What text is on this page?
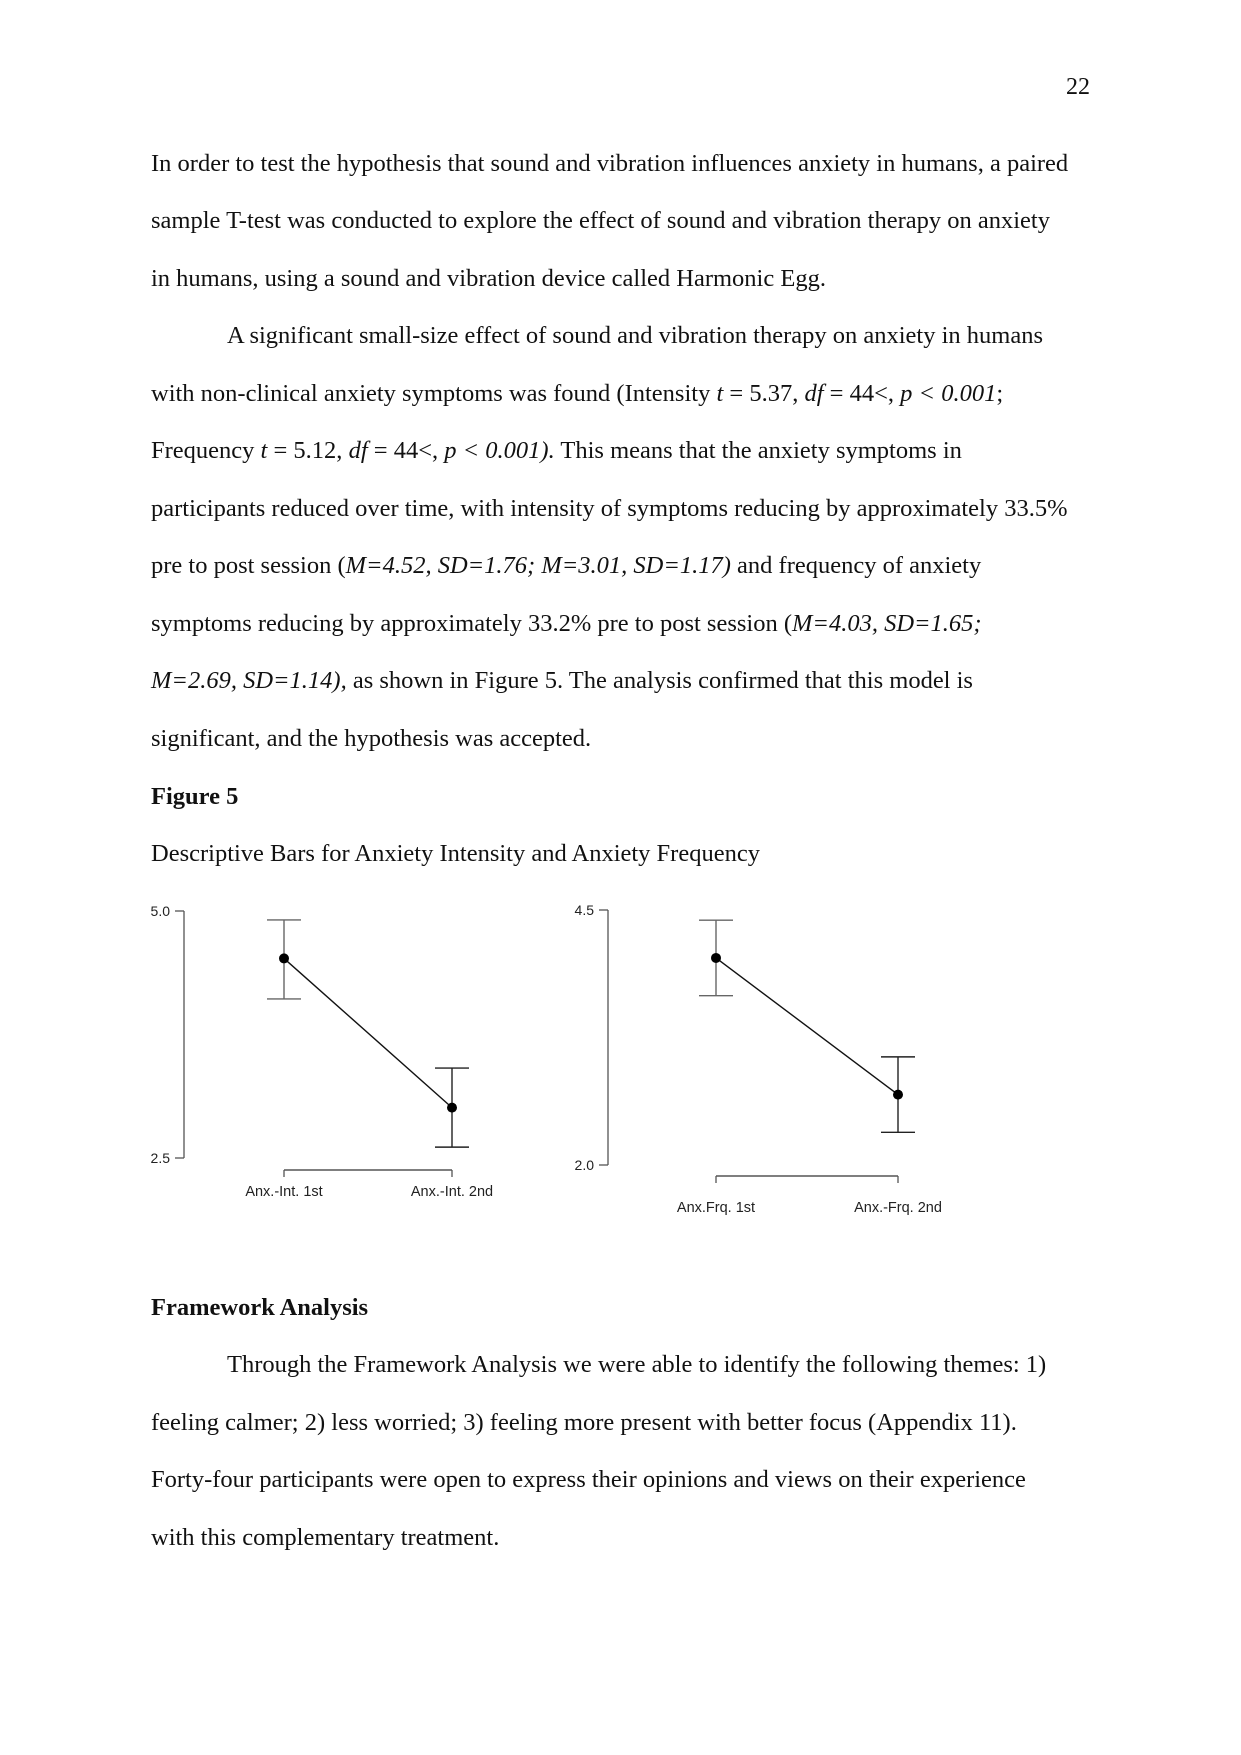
22
In order to test the hypothesis that sound and vibration influences anxiety in humans, a paired
sample T-test was conducted to explore the effect of sound and vibration therapy on anxiety
in humans, using a sound and vibration device called Harmonic Egg.
A significant small-size effect of sound and vibration therapy on anxiety in humans
with non-clinical anxiety symptoms was found (Intensity t = 5.37, df = 44<, p < 0.001;
Frequency t = 5.12, df = 44<, p < 0.001). This means that the anxiety symptoms in
participants reduced over time, with intensity of symptoms reducing by approximately 33.5%
pre to post session (M=4.52, SD=1.76; M=3.01, SD=1.17) and frequency of anxiety
symptoms reducing by approximately 33.2% pre to post session (M=4.03, SD=1.65;
M=2.69, SD=1.14), as shown in Figure 5. The analysis confirmed that this model is
significant, and the hypothesis was accepted.
Figure 5
Descriptive Bars for Anxiety Intensity and Anxiety Frequency
5.0
2.5
Anx.-Int. 1st	Anx.-Int. 2nd
4.5
2.0
Anx.Frq. 1st	Anx.-Frq. 2nd
Framework Analysis
Through the Framework Analysis we were able to identify the following themes: 1)
feeling calmer; 2) less worried; 3) feeling more present with better focus (Appendix 11).
Forty-four participants were open to express their opinions and views on their experience
with this complementary treatment.
